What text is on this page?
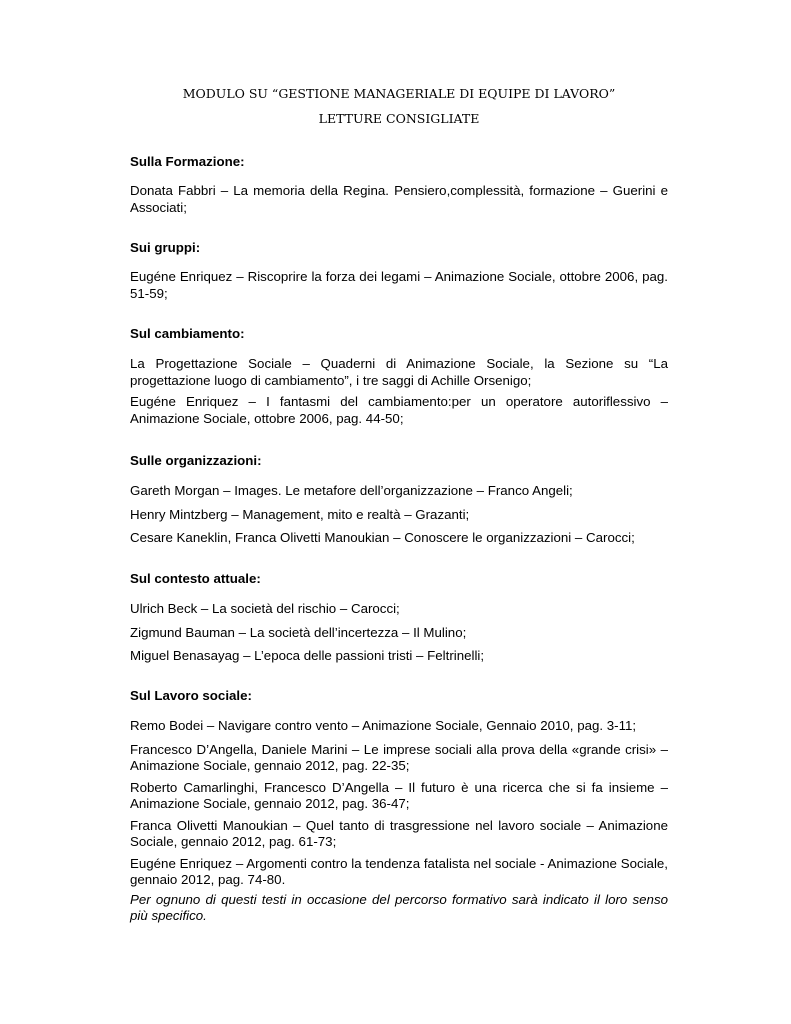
MODULO SU “GESTIONE MANAGERIALE DI EQUIPE DI LAVORO”
LETTURE CONSIGLIATE

Sulla Formazione:

Donata Fabbri – La memoria della Regina. Pensiero,complessità, formazione – Guerini e Associati;

Sui gruppi:

Eugéne Enriquez – Riscoprire la forza dei legami – Animazione Sociale, ottobre 2006, pag. 51-59;

Sul cambiamento:

La Progettazione Sociale – Quaderni di Animazione Sociale, la Sezione su “La progettazione luogo di cambiamento”, i tre saggi di Achille Orsenigo;

Eugéne Enriquez – I fantasmi del cambiamento:per un operatore autoriflessivo – Animazione Sociale, ottobre 2006, pag. 44-50;

Sulle organizzazioni:

Gareth Morgan – Images. Le metafore dell’organizzazione – Franco Angeli;

Henry Mintzberg – Management, mito e realtà – Grazanti;

Cesare Kaneklin, Franca Olivetti Manoukian – Conoscere le organizzazioni – Carocci;

Sul contesto attuale:

Ulrich Beck – La società del rischio – Carocci;

Zigmund Bauman – La società dell’incertezza – Il Mulino;

Miguel Benasayag – L’epoca delle passioni tristi – Feltrinelli;

Sul Lavoro sociale:

Remo Bodei – Navigare contro vento – Animazione Sociale, Gennaio 2010, pag. 3-11;

Francesco D’Angella, Daniele Marini – Le imprese sociali alla prova della «grande crisi» – Animazione Sociale, gennaio 2012, pag. 22-35;

Roberto Camarlinghi, Francesco D’Angella – Il futuro è una ricerca che si fa insieme – Animazione Sociale, gennaio 2012, pag. 36-47;

Franca Olivetti Manoukian – Quel tanto di trasgressione nel lavoro sociale – Animazione Sociale, gennaio 2012, pag. 61-73;

Eugéne Enriquez – Argomenti contro la tendenza fatalista nel sociale - Animazione Sociale, gennaio 2012, pag. 74-80.

Per ognuno di questi testi in occasione del percorso formativo sarà indicato il loro senso più specifico.
